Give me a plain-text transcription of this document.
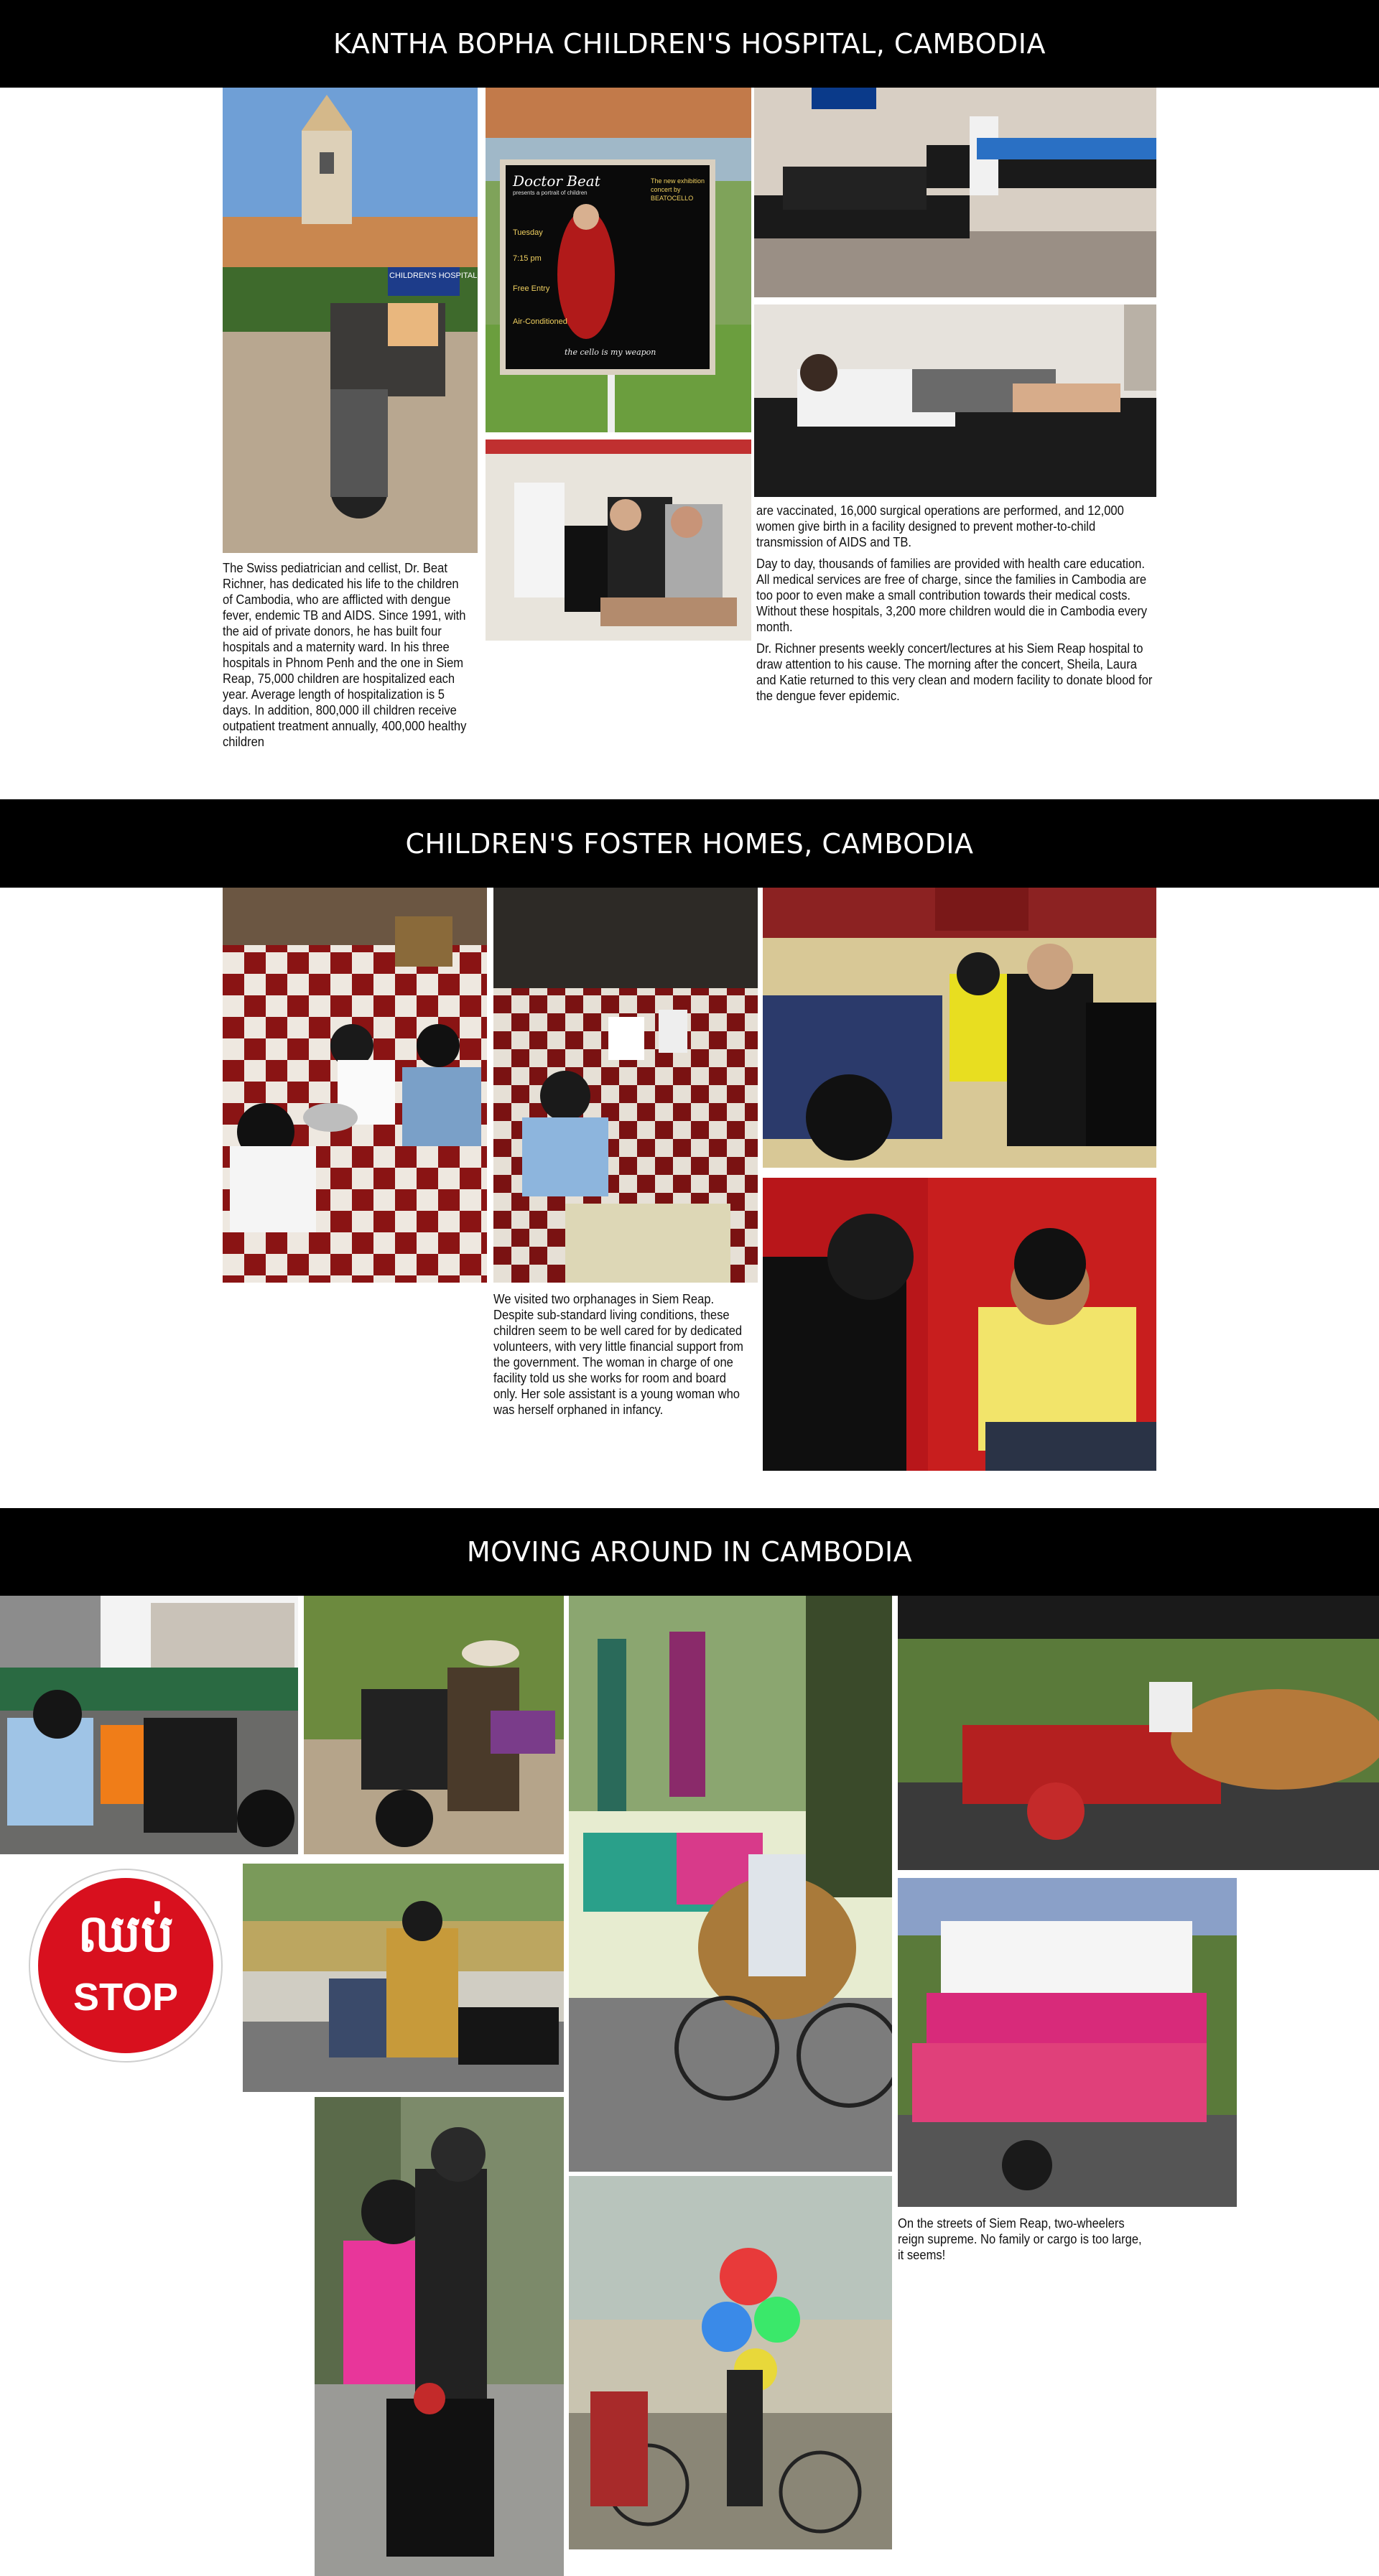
KANTHA BOPHA CHILDREN'S HOSPITAL, CAMBODIA
CHILDREN'S HOSPITAL
Doctor Beat
presents a portrait of children
The new exhibition concert by BEATOCELLO
Tuesday
7:15 pm
Free Entry
Air-Conditioned
the cello is my weapon

The Swiss pediatrician and cellist, Dr. Beat Richner, has dedicated his life to the children of Cambodia, who are afflicted with dengue fever, endemic TB and AIDS. Since 1991, with the aid of private donors, he has built four hospitals and a maternity ward. In his three hospitals in Phnom Penh and the one in Siem Reap, 75,000 children are hospitalized each year. Average length of hospitalization is 5 days. In addition, 800,000 ill children receive outpatient treatment annually, 400,000 healthy children

are vaccinated, 16,000 surgical operations are performed, and 12,000 women give birth in a facility designed to prevent mother-to-child transmission of AIDS and TB.

Day to day, thousands of families are provided with health care education. All medical services are free of charge, since the families in Cambodia are too poor to even make a small contribution towards their medical costs. Without these hospitals, 3,200 more children would die in Cambodia every month.

Dr. Richner presents weekly concert/lectures at his Siem Reap hospital to draw attention to his cause. The morning after the concert, Sheila, Laura and Katie returned to this very clean and modern facility to donate blood for the dengue fever epidemic.

CHILDREN'S FOSTER HOMES, CAMBODIA

We visited two orphanages in Siem Reap. Despite sub-standard living conditions, these children seem to be well cared for by dedicated volunteers, with very little financial support from the government. The woman in charge of one facility told us she works for room and board only. Her sole assistant is a young woman who was herself orphaned in infancy.

MOVING AROUND IN CAMBODIA
ឈប់
STOP

On the streets of Siem Reap, two-wheelers reign supreme. No family or cargo is too large, it seems!
